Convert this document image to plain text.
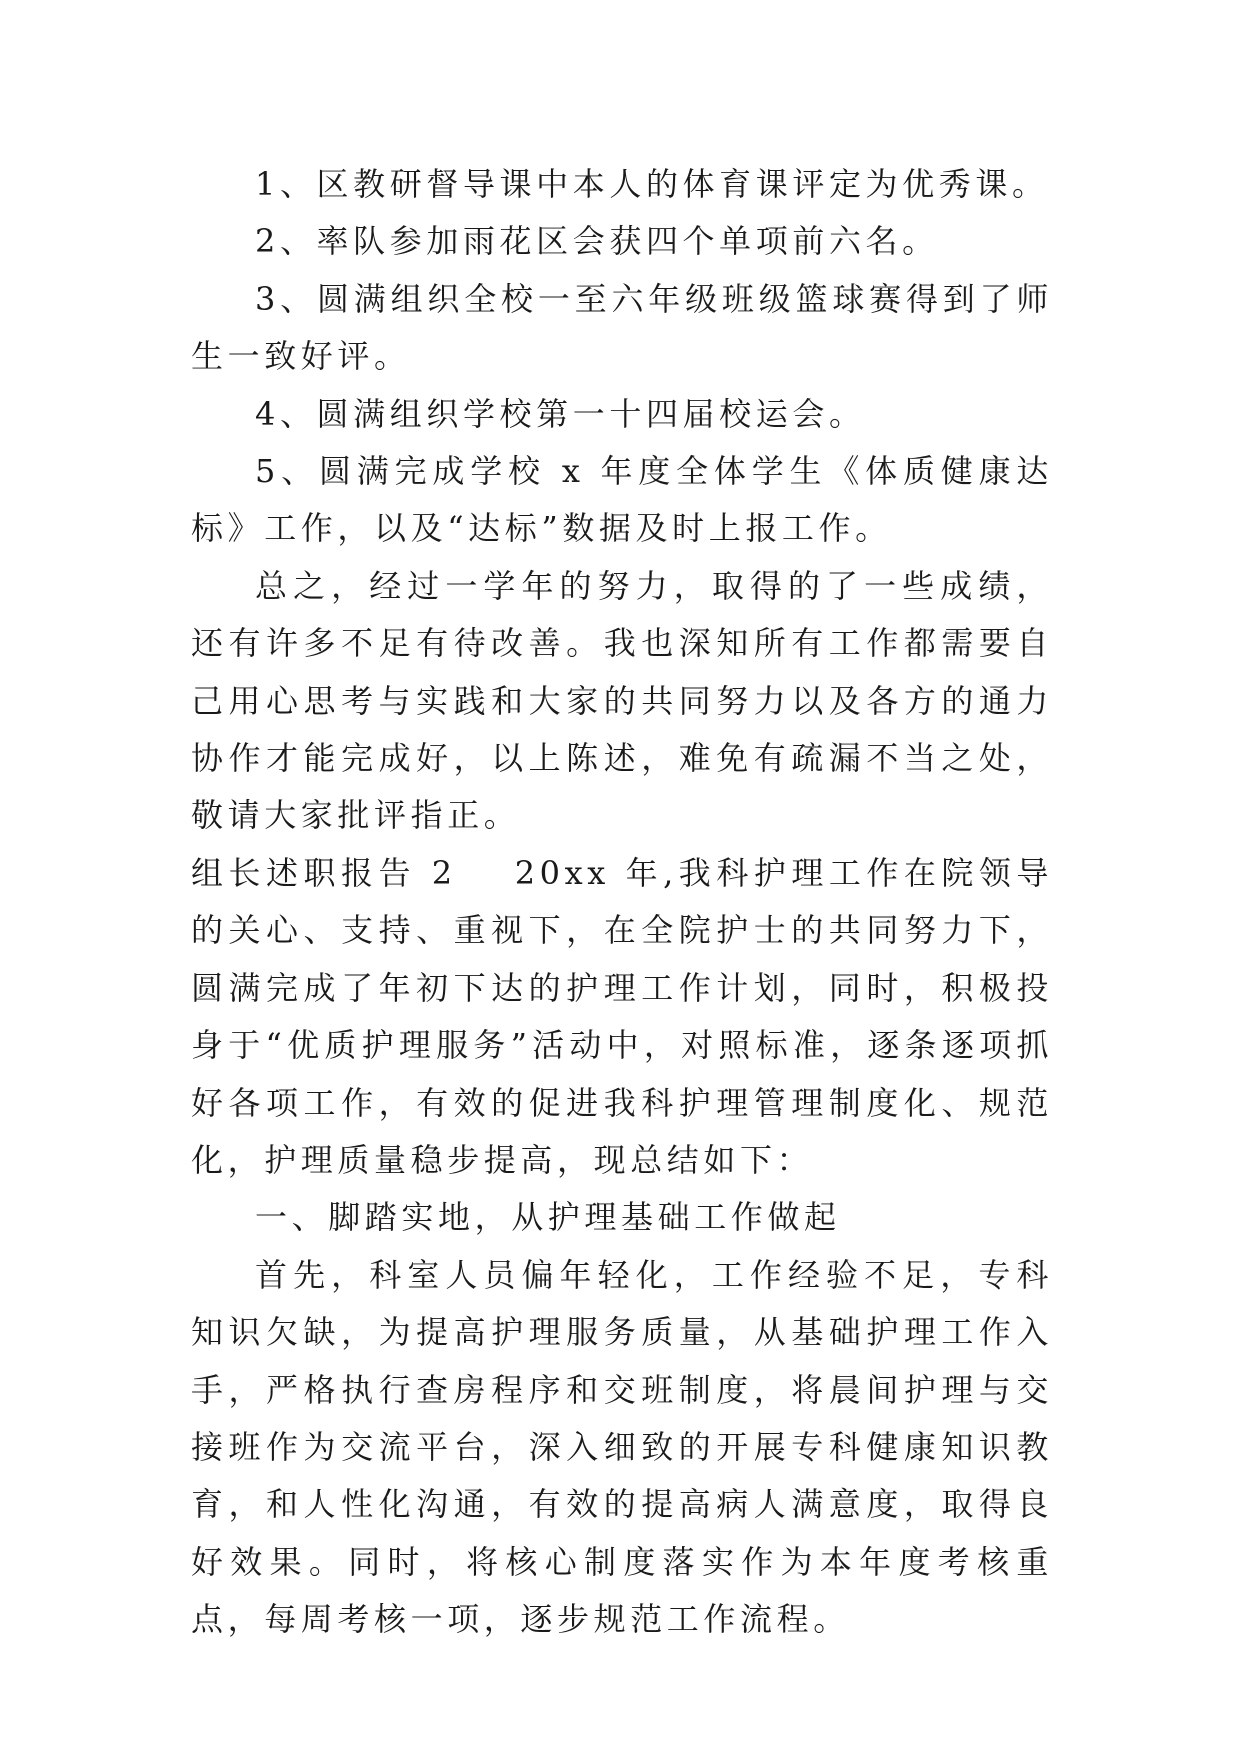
1、区教研督导课中本人的体育课评定为优秀课。

2、率队参加雨花区会获四个单项前六名。

3、圆满组织全校一至六年级班级篮球赛得到了师生一致好评。

4、圆满组织学校第一十四届校运会。

5、圆满完成学校 x 年度全体学生《体质健康达标》工作，以及“达标”数据及时上报工作。

总之，经过一学年的努力，取得的了一些成绩，还有许多不足有待改善。我也深知所有工作都需要自己用心思考与实践和大家的共同努力以及各方的通力协作才能完成好，以上陈述，难免有疏漏不当之处，敬请大家批评指正。

组长述职报告 2 20xx 年,我科护理工作在院领导的关心、支持、重视下，在全院护士的共同努力下，圆满完成了年初下达的护理工作计划，同时，积极投身于“优质护理服务”活动中，对照标准，逐条逐项抓好各项工作，有效的促进我科护理管理制度化、规范化，护理质量稳步提高，现总结如下：

一、脚踏实地，从护理基础工作做起

首先，科室人员偏年轻化，工作经验不足，专科知识欠缺，为提高护理服务质量，从基础护理工作入手，严格执行查房程序和交班制度，将晨间护理与交接班作为交流平台，深入细致的开展专科健康知识教育，和人性化沟通，有效的提高病人满意度，取得良好效果。同时，将核心制度落实作为本年度考核重点，每周考核一项，逐步规范工作流程。
